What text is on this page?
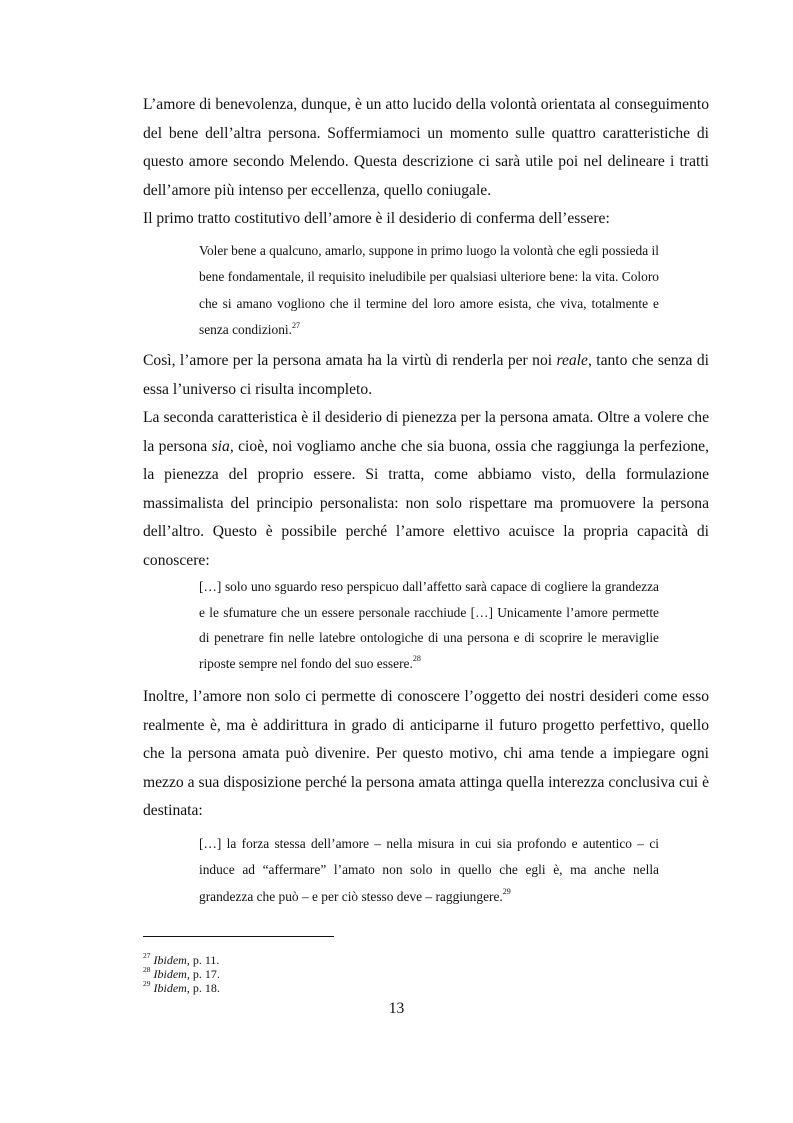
L’amore di benevolenza, dunque, è un atto lucido della volontà orientata al conseguimento del bene dell’altra persona. Soffermiamoci un momento sulle quattro caratteristiche di questo amore secondo Melendo. Questa descrizione ci sarà utile poi nel delineare i tratti dell’amore più intenso per eccellenza, quello coniugale.

Il primo tratto costitutivo dell’amore è il desiderio di conferma dell’essere:

Voler bene a qualcuno, amarlo, suppone in primo luogo la volontà che egli possieda il bene fondamentale, il requisito ineludibile per qualsiasi ulteriore bene: la vita. Coloro che si amano vogliono che il termine del loro amore esista, che viva, totalmente e senza condizioni.$^{27}$

Così, l’amore per la persona amata ha la virtù di renderla per noi reale, tanto che senza di essa l’universo ci risulta incompleto.

La seconda caratteristica è il desiderio di pienezza per la persona amata. Oltre a volere che la persona sia, cioè, noi vogliamo anche che sia buona, ossia che raggiunga la perfezione, la pienezza del proprio essere. Si tratta, come abbiamo visto, della formulazione massimalista del principio personalista: non solo rispettare ma promuovere la persona dell’altro. Questo è possibile perché l’amore elettivo acuisce la propria capacità di conoscere:

[…] solo uno sguardo reso perspicuo dall’affetto sarà capace di cogliere la grandezza e le sfumature che un essere personale racchiude […] Unicamente l’amore permette di penetrare fin nelle latebre ontologiche di una persona e di scoprire le meraviglie riposte sempre nel fondo del suo essere.$^{28}$

Inoltre, l’amore non solo ci permette di conoscere l’oggetto dei nostri desideri come esso realmente è, ma è addirittura in grado di anticiparne il futuro progetto perfettivo, quello che la persona amata può divenire. Per questo motivo, chi ama tende a impiegare ogni mezzo a sua disposizione perché la persona amata attinga quella interezza conclusiva cui è destinata:

[…] la forza stessa dell’amore – nella misura in cui sia profondo e autentico – ci induce ad “affermare” l’amato non solo in quello che egli è, ma anche nella grandezza che può – e per ciò stesso deve – raggiungere.$^{29}$

$^{27}$ Ibidem, p. 11.
$^{28}$ Ibidem, p. 17.
$^{29}$ Ibidem, p. 18.
13
